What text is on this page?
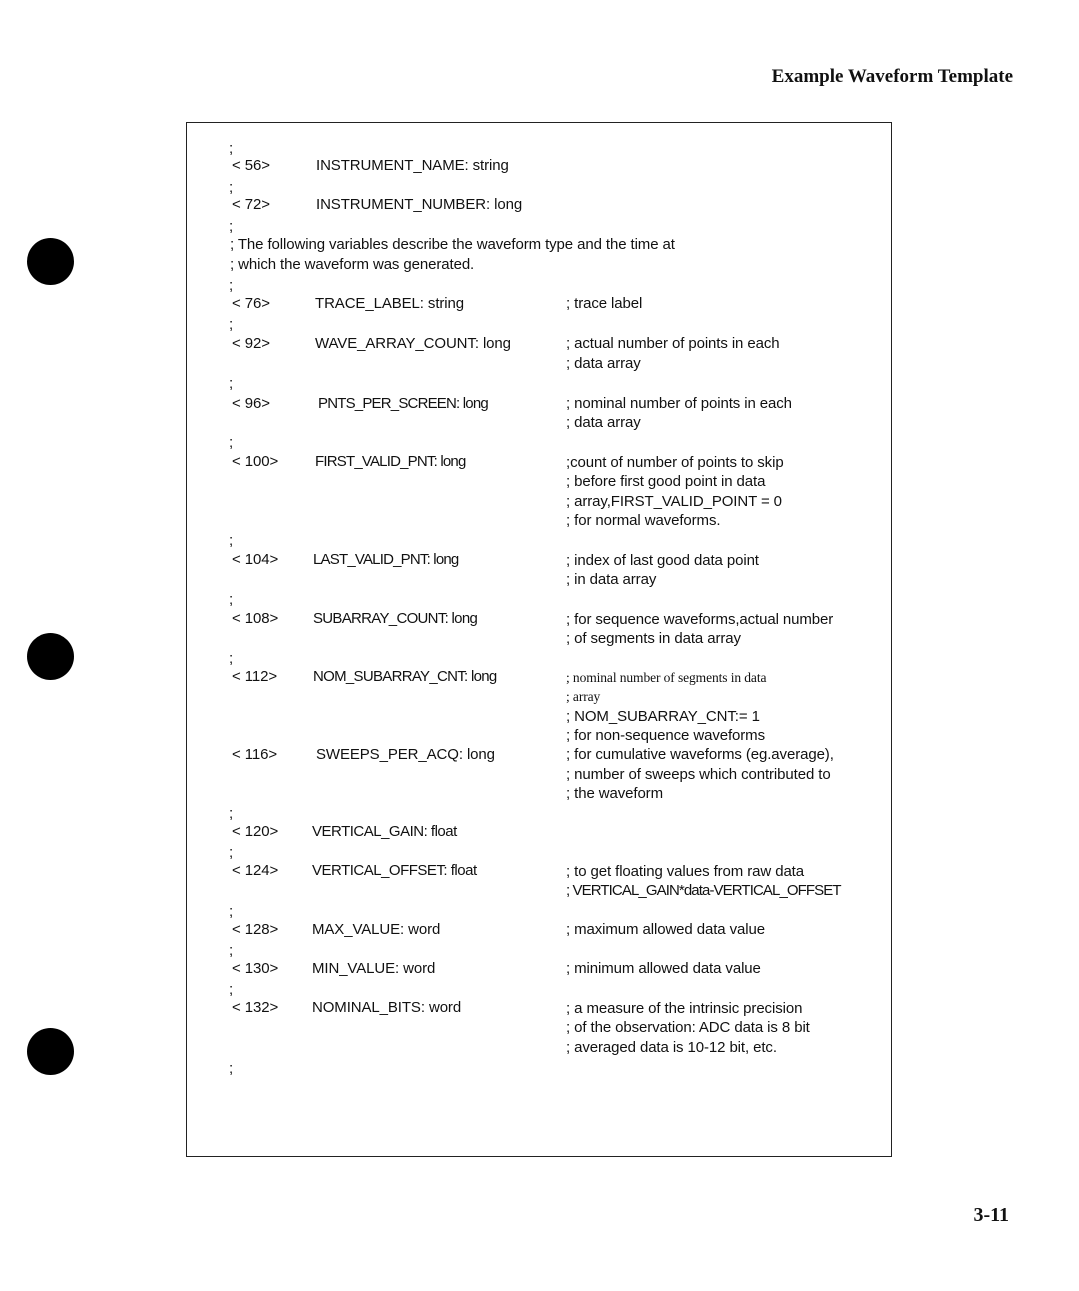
Example Waveform Template
;
;
;
;
;
;
;
;
;
;
;
;
;
;
;
;
< 56>	INSTRUMENT_NAME: string
< 72>	INSTRUMENT_NUMBER: long
; The following variables describe the waveform type and the time at
; which the waveform was generated.
< 76>	TRACE_LABEL: string	; trace label
< 92>	WAVE_ARRAY_COUNT: long	; actual number of points in each
; data array
< 96>	PNTS_PER_SCREEN: long	; nominal number of points in each
; data array
< 100> FIRST_VALID_PNT: long	;count of number of points to skip
; before first good point in data
; array,FIRST_VALID_POINT = 0
; for normal waveforms.
< 104> LAST_VALID_PNT: long	; index of last good data point
; in data array
< 108> SUBARRAY_COUNT: long	; for sequence waveforms,actual number
; of segments in data array
< 112> NOM_SUBARRAY_CNT: long	; nominal number of segments in data
; array
; NOM_SUBARRAY_CNT:= 1
; for non-sequence waveforms
< 116>	SWEEPS_PER_ACQ: long	; for cumulative waveforms (eg.average),
; number of sweeps which contributed to
; the waveform
< 120> VERTICAL_GAIN: float
< 124> VERTICAL_OFFSET: float	; to get floating values from raw data
; VERTICAL_GAIN*data-VERTICAL_OFFSET
< 128> MAX_VALUE: word	; maximum allowed data value
< 130> MIN_VALUE: word	; minimum allowed data value
< 132> NOMINAL_BITS: word	; a measure of the intrinsic precision
; of the observation: ADC data is 8 bit
; averaged data is 10-12 bit, etc.
3-11
